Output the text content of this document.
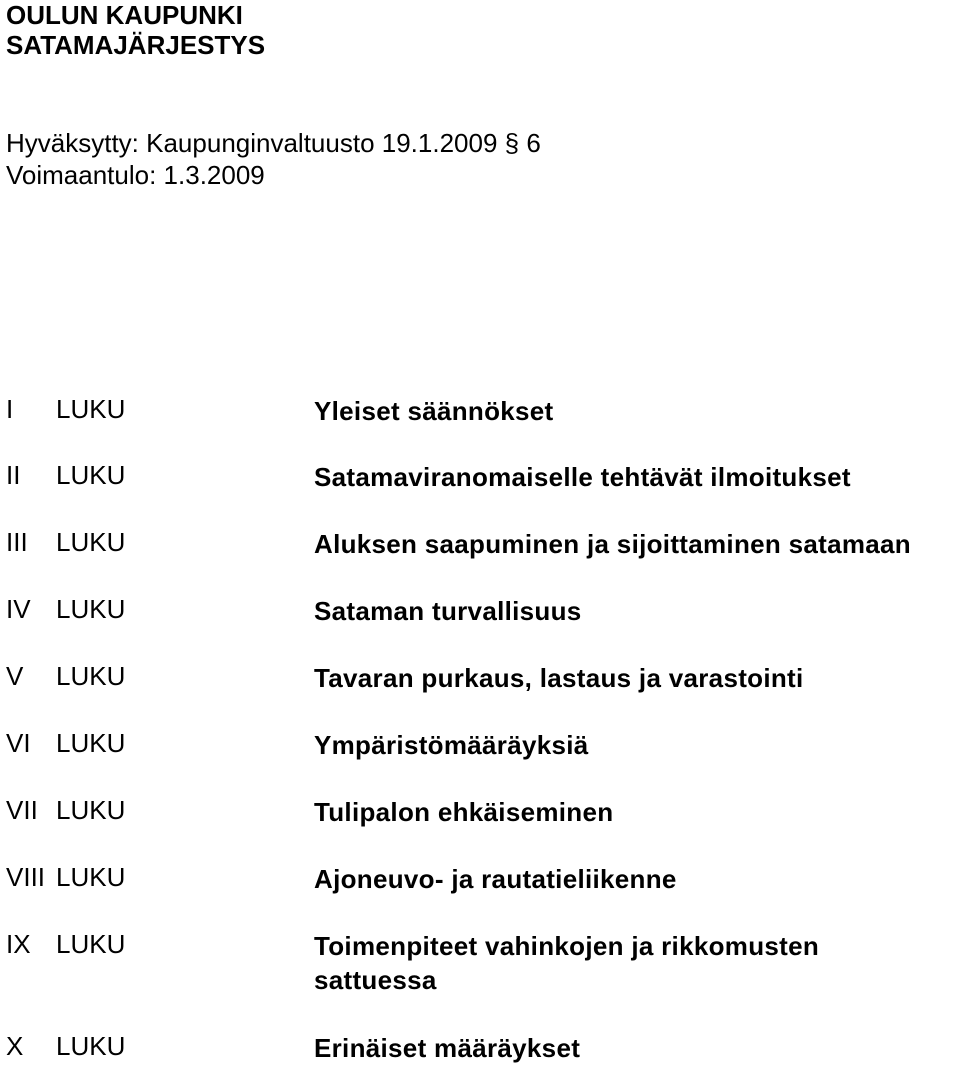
OULUN KAUPUNKI
SATAMAJÄRJESTYS
Hyväksytty: Kaupunginvaltuusto 19.1.2009 § 6
Voimaantulo: 1.3.2009
I LUKU	Yleiset säännökset
II LUKU	Satamaviranomaiselle tehtävät ilmoitukset
III LUKU	Aluksen saapuminen ja sijoittaminen satamaan
IV LUKU	Sataman turvallisuus
V LUKU	Tavaran purkaus, lastaus ja varastointi
VI LUKU	Ympäristömääräyksiä
VII LUKU	Tulipalon ehkäiseminen
VIII LUKU	Ajoneuvo- ja rautatieliikenne
IX LUKU	Toimenpiteet vahinkojen ja rikkomusten sattuessa
X LUKU	Erinäiset määräykset
